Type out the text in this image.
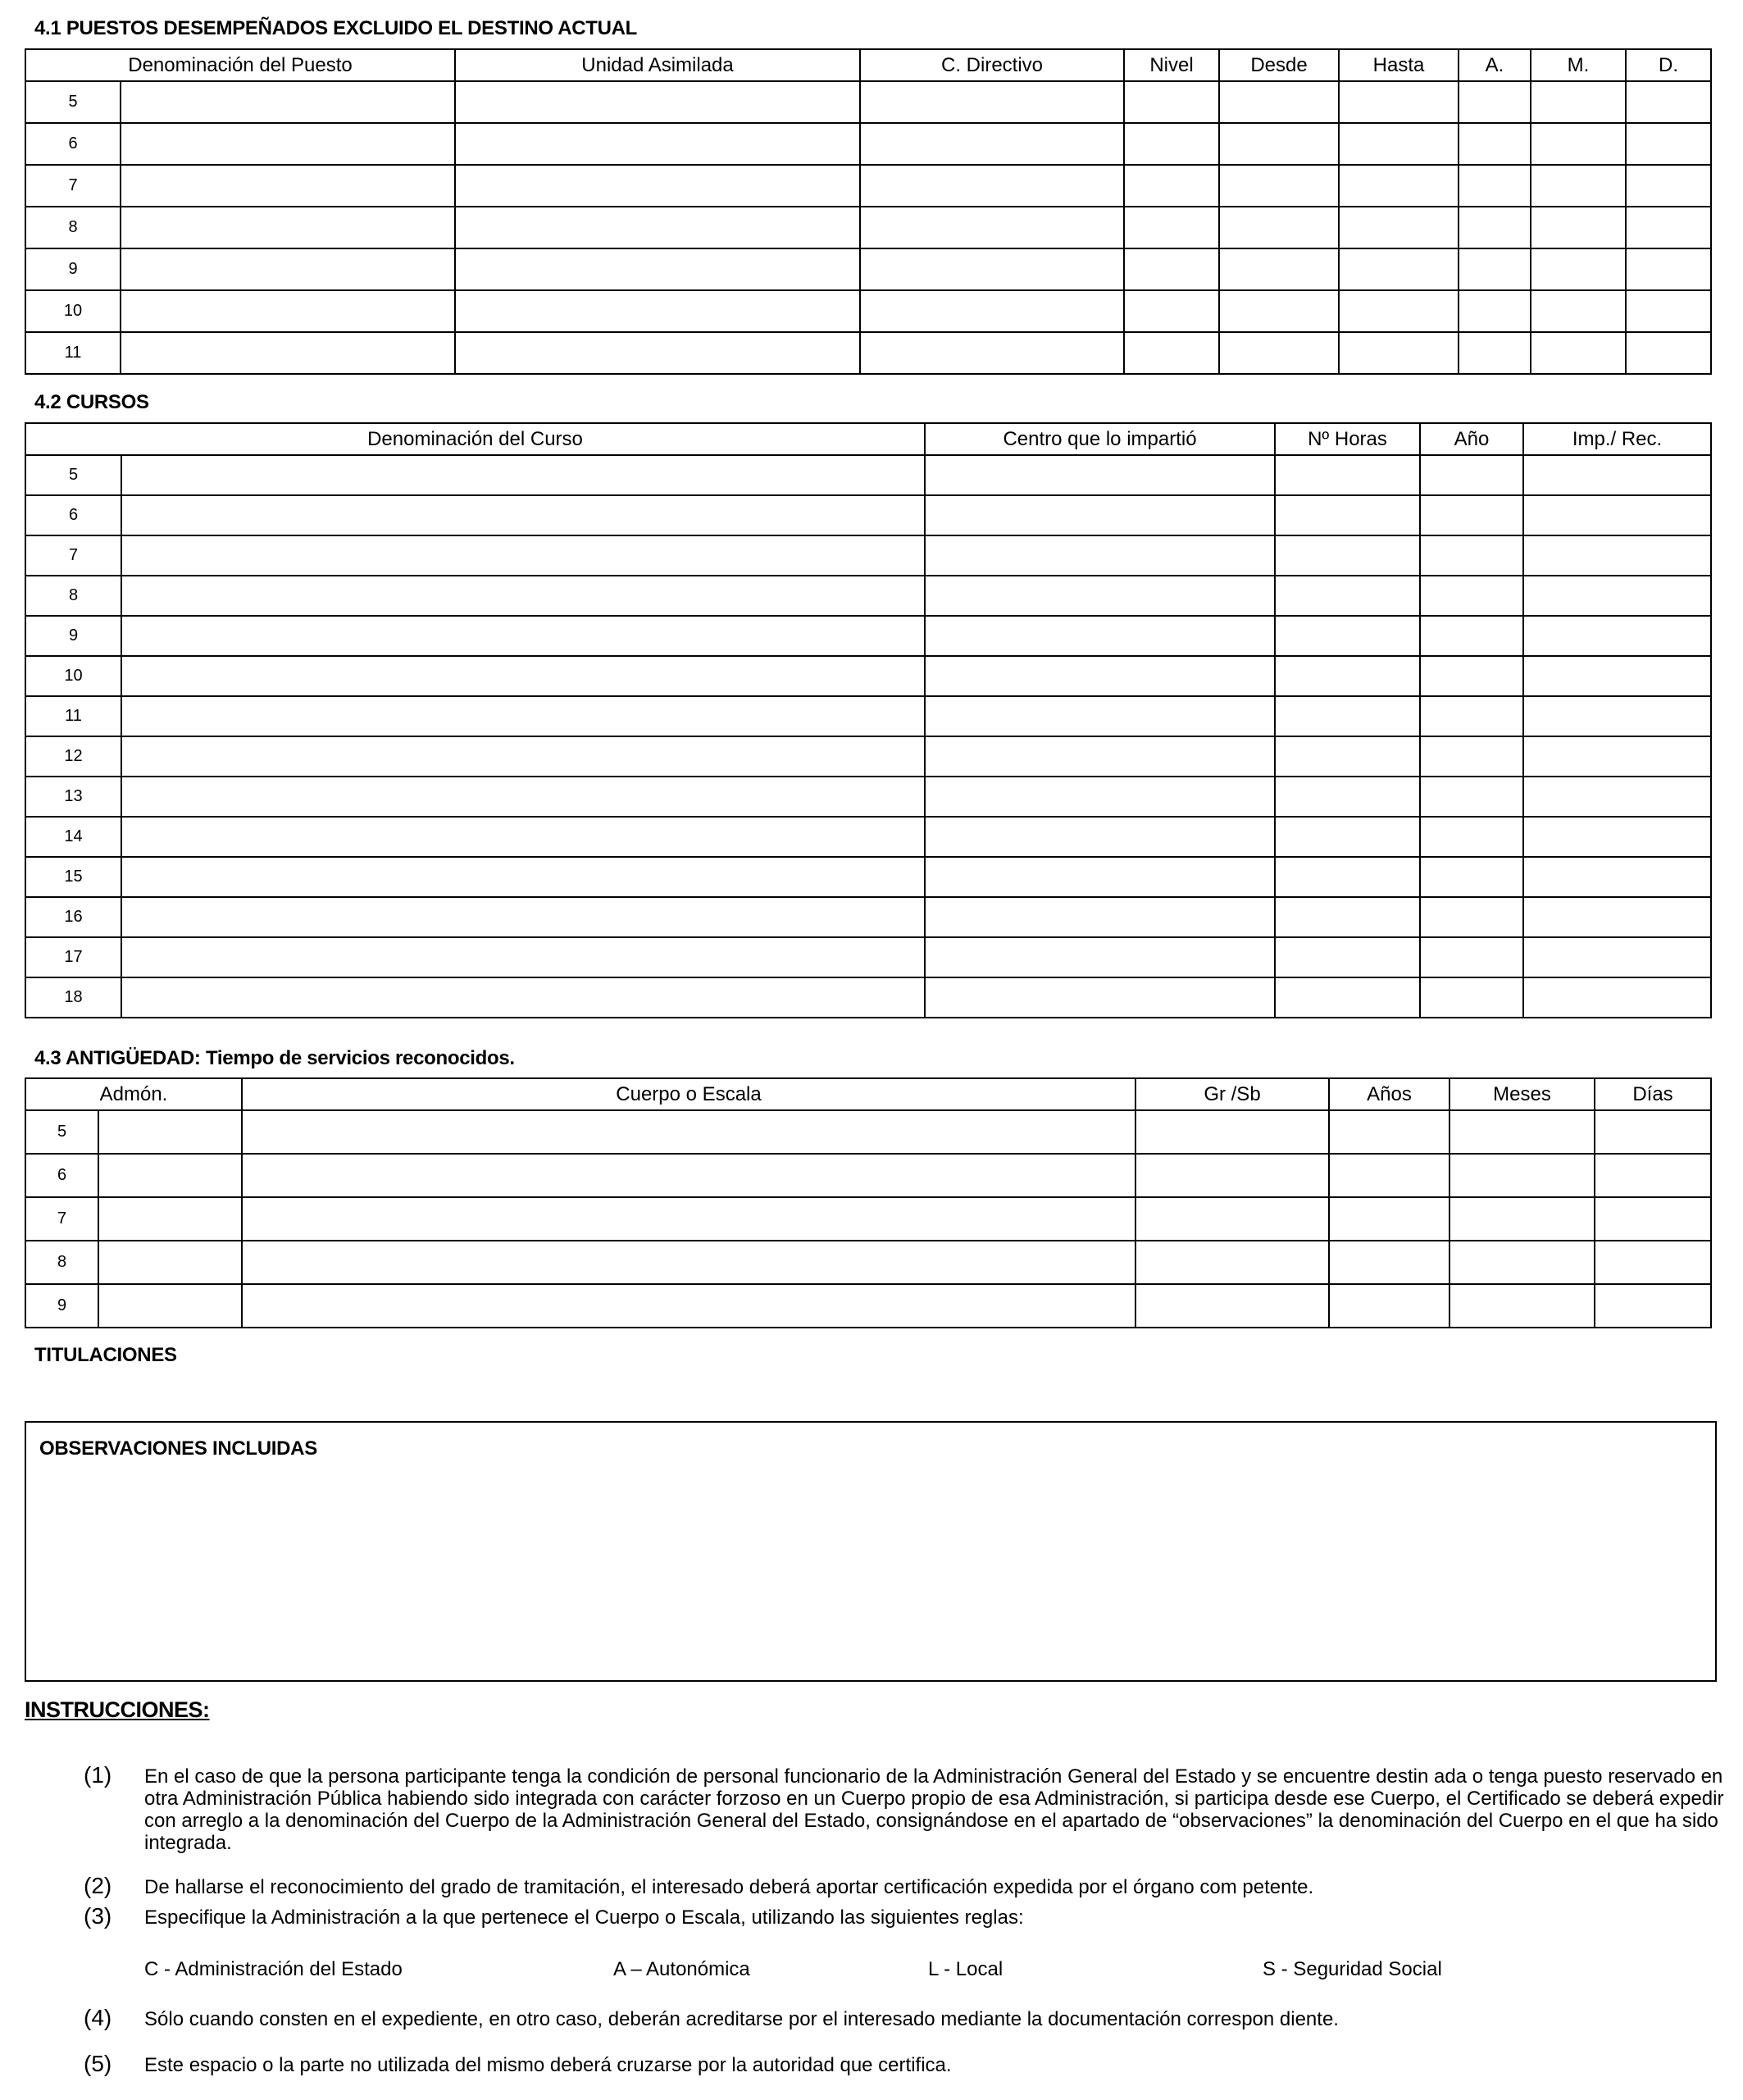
4.1 PUESTOS DESEMPEÑADOS EXCLUIDO EL DESTINO ACTUAL
Denominación del Puesto		Unidad Asimilada	C. Directivo	Nivel	Desde	Hasta	A.	M.	D.
5									
6									
7									
8									
9									
10									
11									
4.2 CURSOS
Denominación del Curso		Centro que lo impartió	Nº Horas	Año	Imp./ Rec.
5					
6					
7					
8					
9					
10					
11					
12					
13					
14					
15					
16					
17					
18					
4.3 ANTIGÜEDAD: Tiempo de servicios reconocidos.
Admón.		Cuerpo o Escala	Gr /Sb	Años	Meses	Días
5						
6						
7						
8						
9						
TITULACIONES
OBSERVACIONES INCLUIDAS
INSTRUCCIONES:
(1) En el caso de que la persona participante tenga la condición de personal funcionario de la Administración General del Estado y se encuentre destin ada o tenga puesto reservado en otra Administración Pública habiendo sido integrada con carácter forzoso en un Cuerpo propio de esa Administración, si participa desde ese Cuerpo, el Certificado se deberá expedir con arreglo a la denominación del Cuerpo de la Administración General del Estado, consignándose en el apartado de “observaciones” la denominación del Cuerpo en el que ha sido integrada.
(2) De hallarse el reconocimiento del grado de tramitación, el interesado deberá aportar certificación expedida por el órgano com petente.
(3) Especifique la Administración a la que pertenece el Cuerpo o Escala, utilizando las siguientes reglas:
C - Administración del Estado	A – Autonómica	L - Local	S - Seguridad Social
(4) Sólo cuando consten en el expediente, en otro caso, deberán acreditarse por el interesado mediante la documentación correspon diente.
(5) Este espacio o la parte no utilizada del mismo deberá cruzarse por la autoridad que certifica.
